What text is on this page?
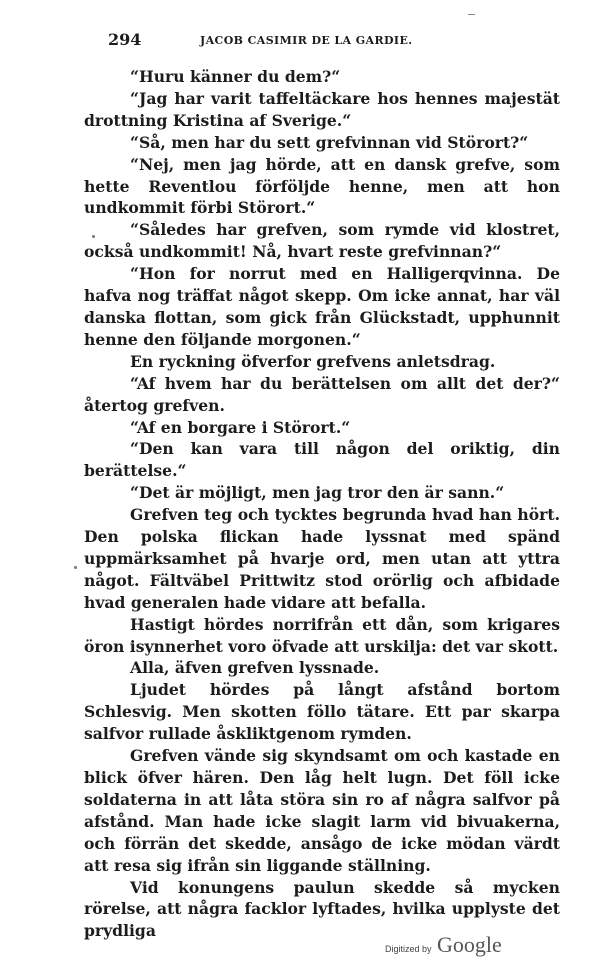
294	JACOB CASIMIR DE LA GARDIE.

“Huru känner du dem?“

“Jag har varit taffeltäckare hos hennes majestät drottning Kristina af Sverige.“

“Så, men har du sett grefvinnan vid Störort?“

“Nej, men jag hörde, att en dansk grefve, som hette Reventlou förföljde henne, men att hon undkommit förbi Störort.“

“Således har grefven, som rymde vid klostret, också undkommit! Nå, hvart reste grefvinnan?“

“Hon for norrut med en Halligerqvinna. De hafva nog träffat något skepp. Om icke annat, har väl danska flottan, som gick från Glückstadt, upphunnit henne den följande morgonen.“

En ryckning öfverfor grefvens anletsdrag.

“Af hvem har du berättelsen om allt det der?“ återtog grefven.

“Af en borgare i Störort.“

“Den kan vara till någon del oriktig, din berättelse.“

“Det är möjligt, men jag tror den är sann.“

Grefven teg och tycktes begrunda hvad han hört. Den polska flickan hade lyssnat med spänd uppmärksamhet på hvarje ord, men utan att yttra något. Fältväbel Prittwitz stod orörlig och afbidade hvad generalen hade vidare att befalla.

Hastigt hördes norrifrån ett dån, som krigares öron isynnerhet voro öfvade att urskilja: det var skott.

Alla, äfven grefven lyssnade.

Ljudet hördes på långt afstånd bortom Schlesvig. Men skotten föllo tätare. Ett par skarpa salfvor rullade åskliktgenom rymden.

Grefven vände sig skyndsamt om och kastade en blick öfver hären. Den låg helt lugn. Det föll icke soldaterna in att låta störa sin ro af några salfvor på afstånd. Man hade icke slagit larm vid bivuakerna, och förrän det skedde, ansågo de icke mödan värdt att resa sig ifrån sin liggande ställning.

Vid konungens paulun skedde så mycken rörelse, att några facklor lyftades, hvilka upplyste det prydliga

Digitized by Google
